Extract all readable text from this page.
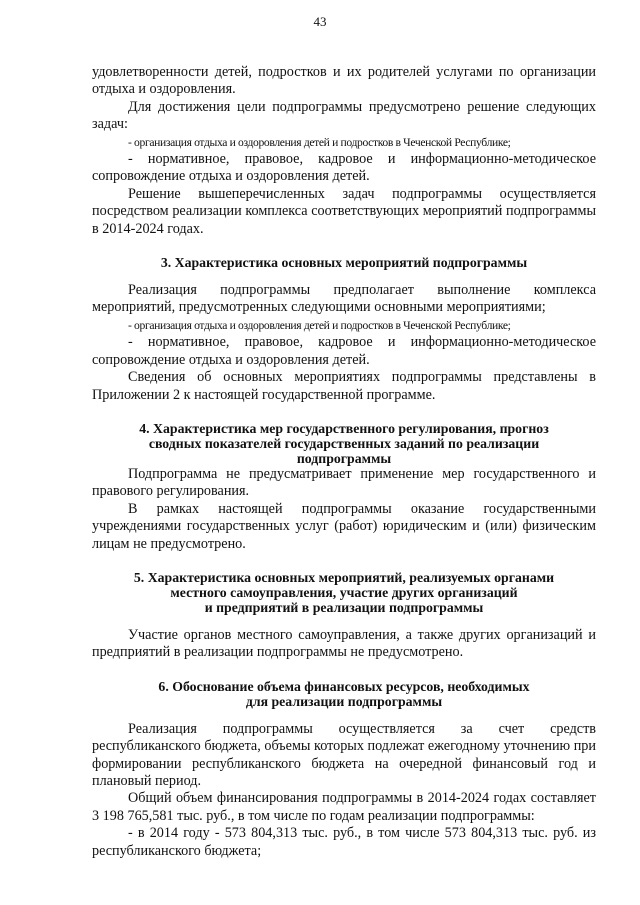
43

удовлетворенности детей, подростков и их родителей услугами по организации отдыха и оздоровления.

Для достижения цели подпрограммы предусмотрено решение следующих задач:

- организация отдыха и оздоровления детей и подростков в Чеченской Республике;

- нормативное, правовое, кадровое и информационно-методическое сопровождение отдыха и оздоровления детей.

Решение вышеперечисленных задач подпрограммы осуществляется посредством реализации комплекса соответствующих мероприятий подпрограммы в 2014-2024 годах.

3. Характеристика основных мероприятий подпрограммы

Реализация подпрограммы предполагает выполнение комплекса мероприятий, предусмотренных следующими основными мероприятиями;

- организация отдыха и оздоровления детей и подростков в Чеченской Республике;

- нормативное, правовое, кадровое и информационно-методическое сопровождение отдыха и оздоровления детей.

Сведения об основных мероприятиях подпрограммы представлены в Приложении 2 к настоящей государственной программе.

4. Характеристика мер государственного регулирования, прогноз
сводных показателей государственных заданий по реализации
подпрограммы

Подпрограмма не предусматривает применение мер государственного и правового регулирования.

В рамках настоящей подпрограммы оказание государственными учреждениями государственных услуг (работ) юридическим и (или) физическим лицам не предусмотрено.

5. Характеристика основных мероприятий, реализуемых органами
местного самоуправления, участие других организаций
и предприятий в реализации подпрограммы

Участие органов местного самоуправления, а также других организаций и предприятий в реализации подпрограммы не предусмотрено.

6. Обоснование объема финансовых ресурсов, необходимых
для реализации подпрограммы

Реализация подпрограммы осуществляется за счет средств республиканского бюджета, объемы которых подлежат ежегодному уточнению при формировании республиканского бюджета на очередной финансовый год и плановый период.

Общий объем финансирования подпрограммы в 2014-2024 годах составляет 3 198 765,581 тыс. руб., в том числе по годам реализации подпрограммы:

- в 2014 году - 573 804,313 тыс. руб., в том числе 573 804,313 тыс. руб. из республиканского бюджета;
